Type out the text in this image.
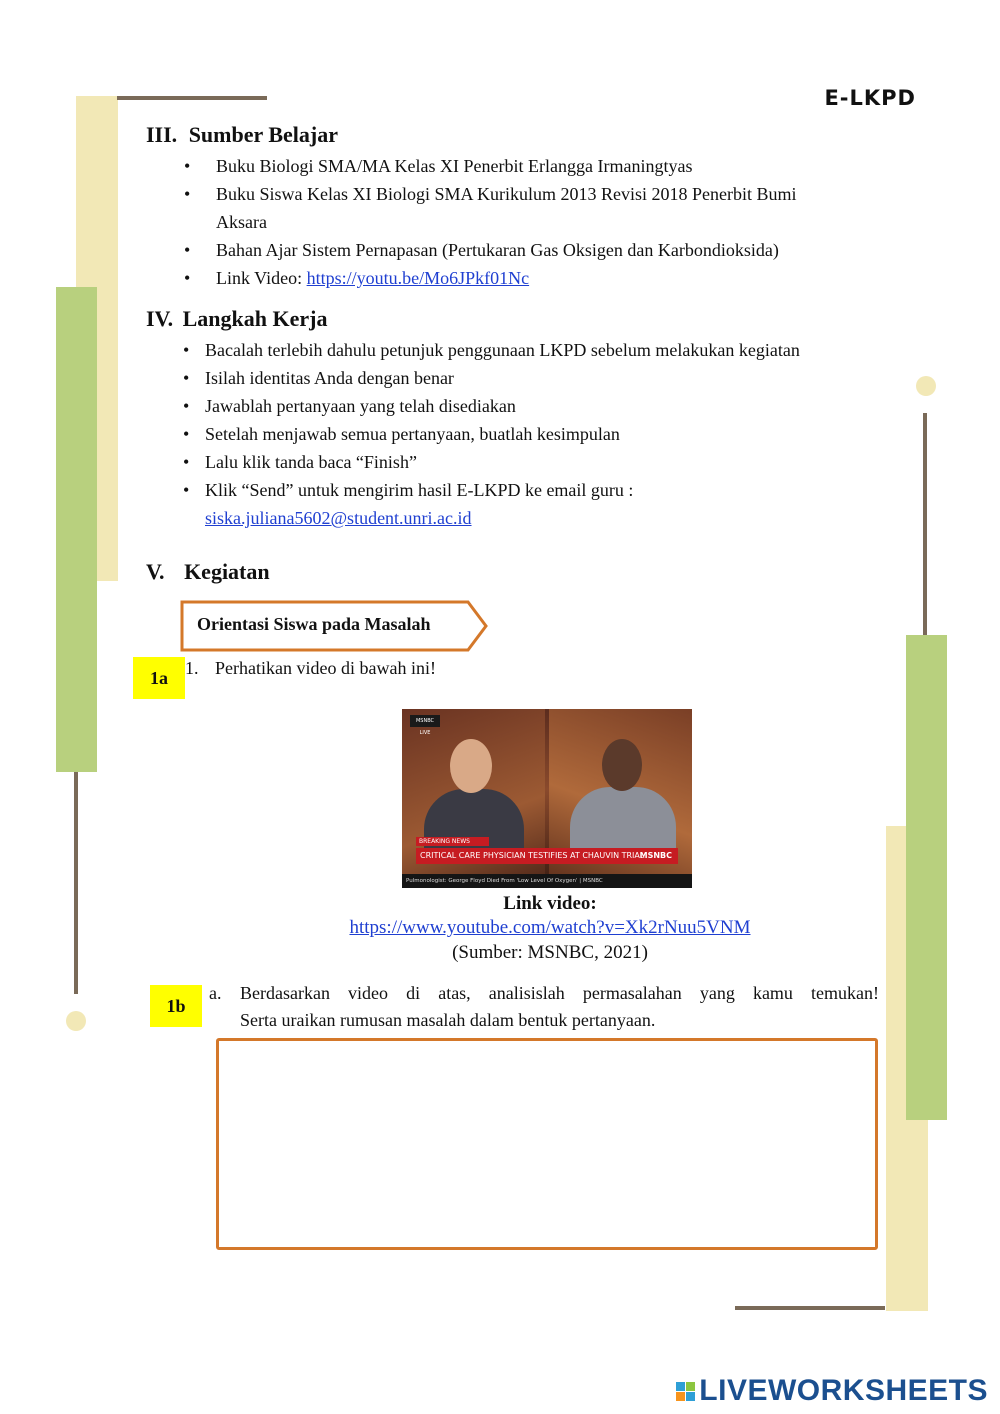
E-LKPD
III. Sumber Belajar
• Buku Biologi SMA/MA Kelas XI Penerbit Erlangga Irmaningtyas
• Buku Siswa Kelas XI Biologi SMA Kurikulum 2013 Revisi 2018 Penerbit Bumi
Aksara
• Bahan Ajar Sistem Pernapasan (Pertukaran Gas Oksigen dan Karbondioksida)
• Link Video: https://youtu.be/Mo6JPkf01Nc
IV. Langkah Kerja
• Bacalah terlebih dahulu petunjuk penggunaan LKPD sebelum melakukan kegiatan
• Isilah identitas Anda dengan benar
• Jawablah pertanyaan yang telah disediakan
• Setelah menjawab semua pertanyaan, buatlah kesimpulan
• Lalu klik tanda baca “Finish”
• Klik “Send” untuk mengirim hasil E-LKPD ke email guru :
siska.juliana5602@student.unri.ac.id
V. Kegiatan
Orientasi Siswa pada Masalah
1a 1. Perhatikan video di bawah ini!
MSNBC LIVE
BREAKING NEWS
CRITICAL CARE PHYSICIAN TESTIFIES AT CHAUVIN TRIAL
MSNBC
Pulmonologist: George Floyd Died From 'Low Level Of Oxygen' | MSNBC
Link video:
https://www.youtube.com/watch?v=Xk2rNuu5VNM
(Sumber: MSNBC, 2021)
1b
a. Berdasarkan video di atas, analisislah permasalahan yang kamu temukan!
Serta uraikan rumusan masalah dalam bentuk pertanyaan.
LIVEWORKSHEETS
